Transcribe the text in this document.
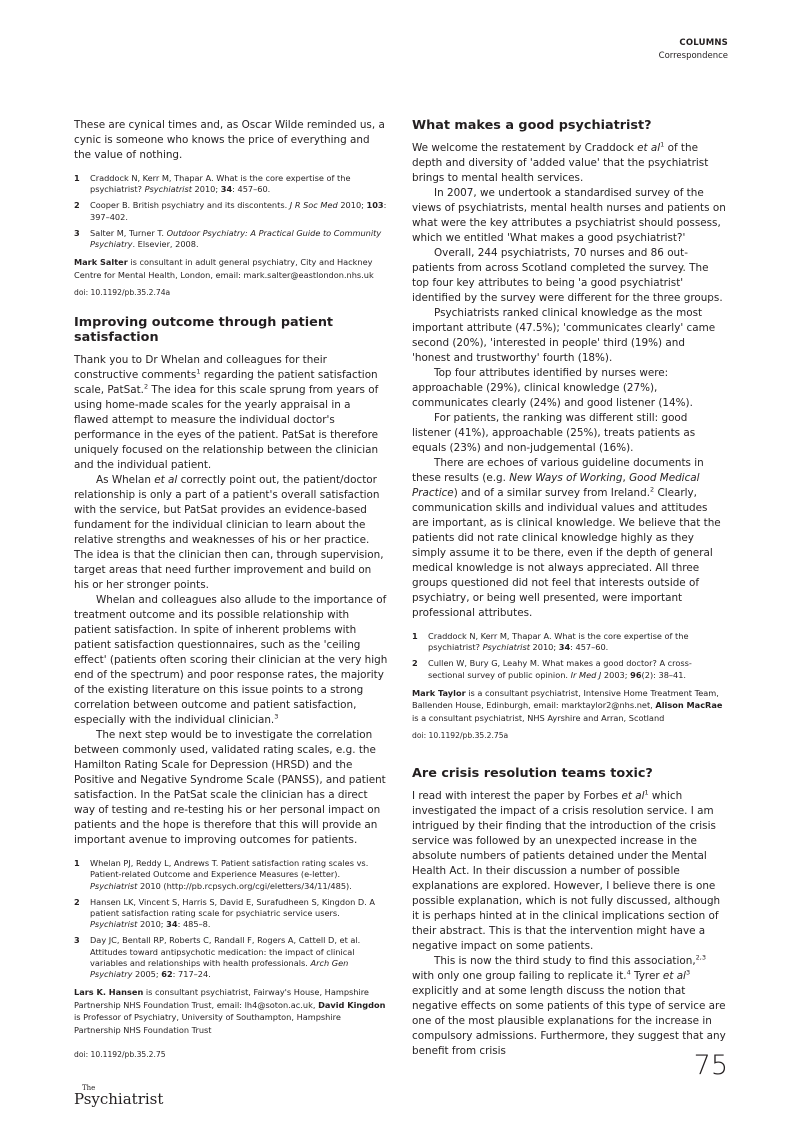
COLUMNS
Correspondence

These are cynical times and, as Oscar Wilde reminded us, a cynic is someone who knows the price of everything and the value of nothing.

1 Craddock N, Kerr M, Thapar A. What is the core expertise of the psychiatrist? Psychiatrist 2010; 34: 457–60.
2 Cooper B. British psychiatry and its discontents. J R Soc Med 2010; 103: 397–402.
3 Salter M, Turner T. Outdoor Psychiatry: A Practical Guide to Community Psychiatry. Elsevier, 2008.
Mark Salter is consultant in adult general psychiatry, City and Hackney Centre for Mental Health, London, email: mark.salter@eastlondon.nhs.uk
doi: 10.1192/pb.35.2.74a
Improving outcome through patient satisfaction

Thank you to Dr Whelan and colleagues for their constructive comments$^1$ regarding the patient satisfaction scale, PatSat.$^2$ The idea for this scale sprung from years of using home-made scales for the yearly appraisal in a flawed attempt to measure the individual doctor's performance in the eyes of the patient. PatSat is therefore uniquely focused on the relationship between the clinician and the individual patient.

As Whelan et al correctly point out, the patient/doctor relationship is only a part of a patient's overall satisfaction with the service, but PatSat provides an evidence-based fundament for the individual clinician to learn about the relative strengths and weaknesses of his or her practice. The idea is that the clinician then can, through supervision, target areas that need further improvement and build on his or her stronger points.

Whelan and colleagues also allude to the importance of treatment outcome and its possible relationship with patient satisfaction. In spite of inherent problems with patient satisfaction questionnaires, such as the 'ceiling effect' (patients often scoring their clinician at the very high end of the spectrum) and poor response rates, the majority of the existing literature on this issue points to a strong correlation between outcome and patient satisfaction, especially with the individual clinician.$^3$

The next step would be to investigate the correlation between commonly used, validated rating scales, e.g. the Hamilton Rating Scale for Depression (HRSD) and the Positive and Negative Syndrome Scale (PANSS), and patient satisfaction. In the PatSat scale the clinician has a direct way of testing and re-testing his or her personal impact on patients and the hope is therefore that this will provide an important avenue to improving outcomes for patients.

1 Whelan PJ, Reddy L, Andrews T. Patient satisfaction rating scales vs. Patient-related Outcome and Experience Measures (e-letter). Psychiatrist 2010 (http://pb.rcpsych.org/cgi/eletters/34/11/485).
2 Hansen LK, Vincent S, Harris S, David E, Surafudheen S, Kingdon D. A patient satisfaction rating scale for psychiatric service users. Psychiatrist 2010; 34: 485–8.
3 Day JC, Bentall RP, Roberts C, Randall F, Rogers A, Cattell D, et al. Attitudes toward antipsychotic medication: the impact of clinical variables and relationships with health professionals. Arch Gen Psychiatry 2005; 62: 717–24.
Lars K. Hansen is consultant psychiatrist, Fairway's House, Hampshire Partnership NHS Foundation Trust, email: lh4@soton.ac.uk, David Kingdon is Professor of Psychiatry, University of Southampton, Hampshire Partnership NHS Foundation Trust
doi: 10.1192/pb.35.2.75
What makes a good psychiatrist?

We welcome the restatement by Craddock et $al^1$ of the depth and diversity of 'added value' that the psychiatrist brings to mental health services.

In 2007, we undertook a standardised survey of the views of psychiatrists, mental health nurses and patients on what were the key attributes a psychiatrist should possess, which we entitled 'What makes a good psychiatrist?'

Overall, 244 psychiatrists, 70 nurses and 86 out-patients from across Scotland completed the survey. The top four key attributes to being 'a good psychiatrist' identified by the survey were different for the three groups.

Psychiatrists ranked clinical knowledge as the most important attribute (47.5%); 'communicates clearly' came second (20%), 'interested in people' third (19%) and 'honest and trustworthy' fourth (18%).

Top four attributes identified by nurses were: approachable (29%), clinical knowledge (27%), communicates clearly (24%) and good listener (14%).

For patients, the ranking was different still: good listener (41%), approachable (25%), treats patients as equals (23%) and non-judgemental (16%).

There are echoes of various guideline documents in these results (e.g. New Ways of Working, Good Medical Practice) and of a similar survey from Ireland.$^2$ Clearly, communication skills and individual values and attitudes are important, as is clinical knowledge. We believe that the patients did not rate clinical knowledge highly as they simply assume it to be there, even if the depth of general medical knowledge is not always appreciated. All three groups questioned did not feel that interests outside of psychiatry, or being well presented, were important professional attributes.

1 Craddock N, Kerr M, Thapar A. What is the core expertise of the psychiatrist? Psychiatrist 2010; 34: 457–60.
2 Cullen W, Bury G, Leahy M. What makes a good doctor? A cross-sectional survey of public opinion. Ir Med J 2003; 96(2): 38–41.
Mark Taylor is a consultant psychiatrist, Intensive Home Treatment Team, Ballenden House, Edinburgh, email: marktaylor2@nhs.net, Alison MacRae is a consultant psychiatrist, NHS Ayrshire and Arran, Scotland
doi: 10.1192/pb.35.2.75a
Are crisis resolution teams toxic?

I read with interest the paper by Forbes et $al^1$ which investigated the impact of a crisis resolution service. I am intrigued by their finding that the introduction of the crisis service was followed by an unexpected increase in the absolute numbers of patients detained under the Mental Health Act. In their discussion a number of possible explanations are explored. However, I believe there is one possible explanation, which is not fully discussed, although it is perhaps hinted at in the clinical implications section of their abstract. This is that the intervention might have a negative impact on some patients.

This is now the third study to find this association,$^{2,3}$ with only one group failing to replicate it.$^4$ Tyrer et $al^3$ explicitly and at some length discuss the notion that negative effects on some patients of this type of service are one of the most plausible explanations for the increase in compulsory admissions. Furthermore, they suggest that any benefit from crisis

The
Psychiatrist
75
